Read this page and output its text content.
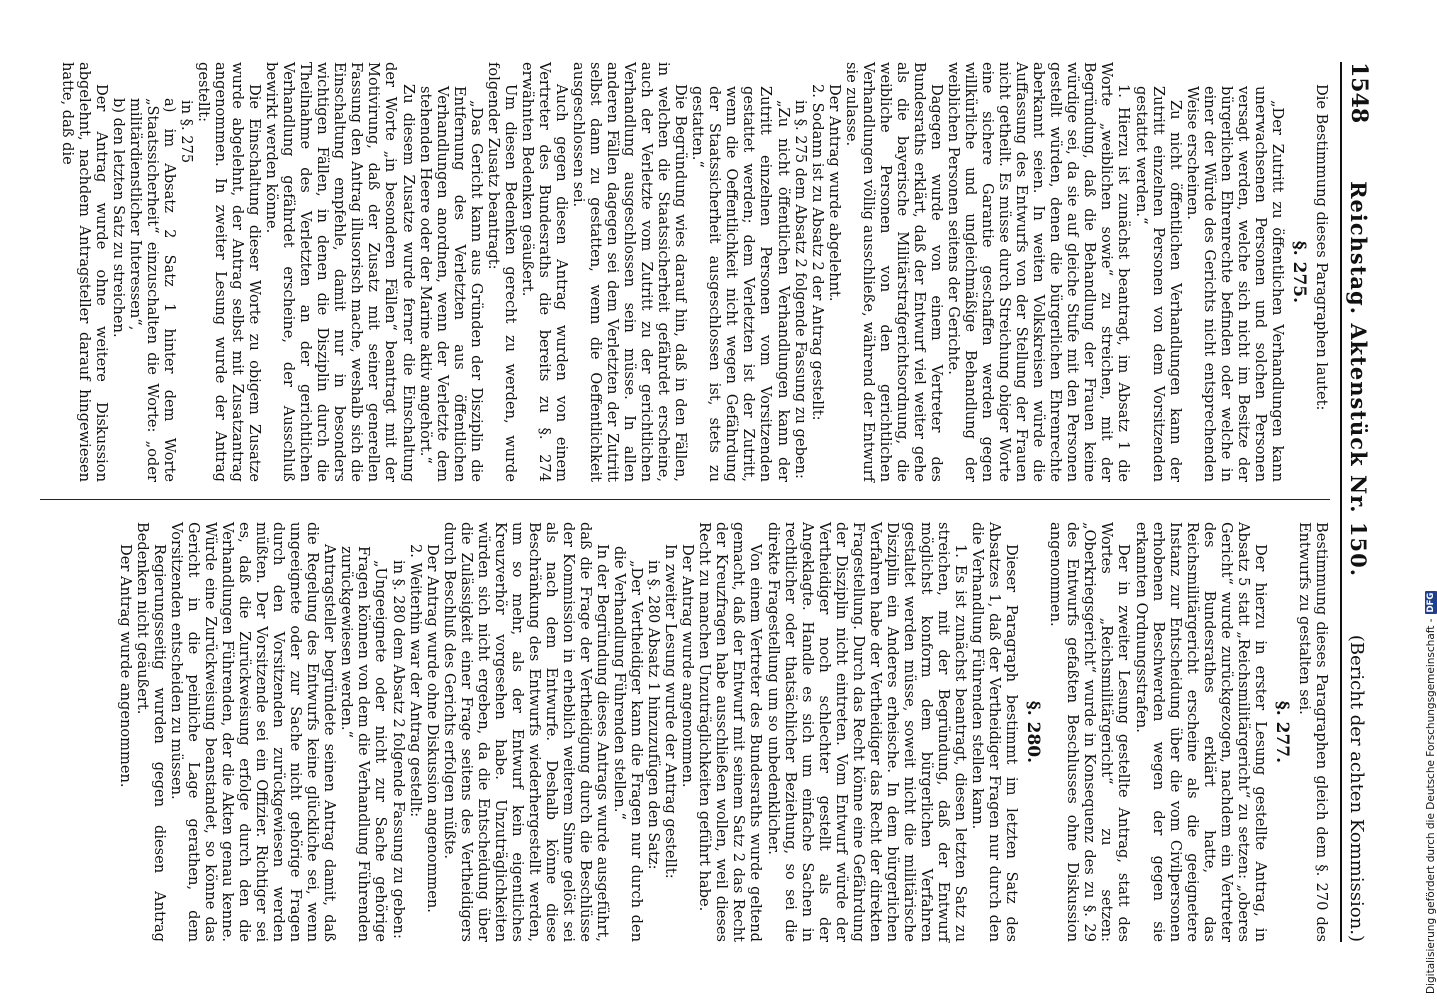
1548
Reichstag. Aktenstück Nr. 150.
(Bericht der achten Kommission.)

Die Bestimmung dieses Paragraphen lautet:

§. 275.

„Der Zutritt zu öffentlichen Verhandlungen kann unerwachsenen Personen und solchen Personen versagt werden, welche sich nicht im Besitze der bürgerlichen Ehrenrechte befinden oder welche in einer der Würde des Gerichts nicht entsprechenden Weise erscheinen.

Zu nicht öffentlichen Verhandlungen kann der Zutritt einzelnen Personen von dem Vorsitzenden gestattet werden.“

1. Hierzu ist zunächst beantragt, im Absatz 1 die Worte „weiblichen sowie“ zu streichen, mit der Begründung, daß die Behandlung der Frauen keine würdige sei, da sie auf gleiche Stufe mit den Personen gestellt würden, denen die bürgerlichen Ehrenrechte aberkannt seien. In weiten Volkskreisen würde die Auffassung des Entwurfs von der Stellung der Frauen nicht getheilt. Es müsse durch Streichung obiger Worte eine sichere Garantie geschaffen werden gegen willkürliche und ungleichmäßige Behandlung der weiblichen Personen seitens der Gerichte.

Dagegen wurde von einem Vertreter des Bundesraths erklärt, daß der Entwurf viel weiter gehe als die bayerische Militärstrafgerichtsordnung, die weibliche Personen von den gerichtlichen Verhandlungen völlig ausschließe, während der Entwurf sie zulasse.

Der Antrag wurde abgelehnt.

2. Sodann ist zu Absatz 2 der Antrag gestellt:

in §. 275 dem Absatz 2 folgende Fassung zu geben:

„Zu nicht öffentlichen Verhandlungen kann der Zutritt einzelnen Personen vom Vorsitzenden gestattet werden; dem Verletzten ist der Zutritt, wenn die Oeffentlichkeit nicht wegen Gefährdung der Staatssicherheit ausgeschlossen ist, stets zu gestatten.“

Die Begründung wies darauf hin, daß in den Fällen, in welchen die Staatssicherheit gefährdet erscheine, auch der Verletzte vom Zutritt zu der gerichtlichen Verhandlung ausgeschlossen sein müsse. In allen anderen Fällen dagegen sei dem Verletzten der Zutritt selbst dann zu gestatten, wenn die Oeffentlichkeit ausgeschlossen sei.

Auch gegen diesen Antrag wurden von einem Vertreter des Bundesraths die bereits zu §. 274 erwähnten Bedenken geäußert.

Um diesen Bedenken gerecht zu werden, wurde folgender Zusatz beantragt:

„Das Gericht kann aus Gründen der Disziplin die Entfernung des Verletzten aus öffentlichen Verhandlungen anordnen, wenn der Verletzte dem stehenden Heere oder der Marine aktiv angehört.“

Zu diesem Zusatze wurde ferner die Einschaltung der Worte „in besonderen Fällen“ beantragt mit der Motivirung, daß der Zusatz mit seiner generellen Fassung den Antrag illusorisch mache, weshalb sich die Einschaltung empfehle, damit nur in besonders wichtigen Fällen, in denen die Disziplin durch die Theilnahme des Verletzten an der gerichtlichen Verhandlung gefährdet erscheine, der Ausschluß bewirkt werden könne.

Die Einschaltung dieser Worte zu obigem Zusatze wurde abgelehnt, der Antrag selbst mit Zusatzantrag angenommen. In zweiter Lesung wurde der Antrag gestellt:

in §. 275

a) im Absatz 2 Satz 1 hinter dem Worte „Staatssicherheit“ einzuschalten die Worte: „oder militärdienstlicher Interessen“,

b) den letzten Satz zu streichen.

Der Antrag wurde ohne weitere Diskussion abgelehnt, nachdem Antragsteller darauf hingewiesen hatte, daß die

Bestimmung dieses Paragraphen gleich dem §. 270 des Entwurfs zu gestalten sei.

§. 277.

Der hierzu in erster Lesung gestellte Antrag, in Absatz 5 statt „Reichsmilitärgericht“ zu setzen: „oberes Gericht“ wurde zurückgezogen, nachdem ein Vertreter des Bundesrathes erklärt hatte, das Reichsmilitärgericht erscheine als die geeignetere Instanz zur Entscheidung über die vom Civilpersonen erhobenen Beschwerden wegen der gegen sie erkannten Ordnungsstrafen.

Der in zweiter Lesung gestellte Antrag, statt des Wortes „Reichsmilitärgericht“ zu setzen: „Oberkriegsgericht“ wurde in Konsequenz des zu §. 29 des Entwurfs gefaßten Beschlusses ohne Diskussion angenommen.

§. 280.

Dieser Paragraph bestimmt im letzten Satz des Absatzes 1, daß der Vertheidiger Fragen nur durch den die Verhandlung Führenden stellen kann.

1. Es ist zunächst beantragt, diesen letzten Satz zu streichen, mit der Begründung, daß der Entwurf möglichst konform dem bürgerlichen Verfahren gestaltet werden müsse, soweit nicht die militärische Disziplin ein Anderes erheische. In dem bürgerlichen Verfahren habe der Vertheidiger das Recht der direkten Fragestellung. Durch das Recht könne eine Gefährdung der Disziplin nicht eintreten. Vom Entwurf würde der Vertheidiger noch schlechter gestellt als der Angeklagte. Handle es sich um einfache Sachen in rechtlicher oder thatsächlicher Beziehung, so sei die direkte Fragestellung um so unbedenklicher.

Von einem Vertreter des Bundesraths wurde geltend gemacht, daß der Entwurf mit seinem Satz 2 das Recht der Kreuzfragen habe ausschließen wollen, weil dieses Recht zu manchen Unzuträglichkeiten geführt habe.

Der Antrag wurde angenommen.

In zweiter Lesung wurde der Antrag gestellt:

in §. 280 Absatz 1 hinzuzufügen den Satz:

„Der Vertheidiger kann die Fragen nur durch den die Verhandlung Führenden stellen.“

In der Begründung dieses Antrags wurde ausgeführt, daß die Frage der Vertheidigung durch die Beschlüsse der Kommission in erheblich weiterem Sinne gelöst sei als nach dem Entwurfe. Deshalb könne diese Beschränkung des Entwurfs wiederhergestellt werden, um so mehr, als der Entwurf kein eigentliches Kreuzverhör vorgesehen habe. Unzuträglichkeiten würden sich nicht ergeben, da die Entscheidung über die Zulässigkeit einer Frage seitens des Vertheidigers durch Beschluß des Gerichts erfolgen müßte.

Der Antrag wurde ohne Diskussion angenommen.

2. Weiterhin war der Antrag gestellt:

in §. 280 dem Absatz 2 folgende Fassung zu geben:

„Ungeeignete oder nicht zur Sache gehörige Fragen können von dem die Verhandlung Führenden zurückgewiesen werden.“

Antragsteller begründete seinen Antrag damit, daß die Regelung des Entwurfs keine glückliche sei, wenn ungeeignete oder zur Sache nicht gehörige Fragen durch den Vorsitzenden zurückgewiesen werden müßten. Der Vorsitzende sei ein Offizier. Richtiger sei es, daß die Zurückweisung erfolge durch den die Verhandlungen Führenden, der die Akten genau kenne. Würde eine Zurückweisung beanstandet, so könne das Gericht in die peinliche Lage gerathen, dem Vorsitzenden entscheiden zu müssen.

Regierungsseitig wurden gegen diesen Antrag Bedenken nicht geäußert.

Der Antrag wurde angenommen.	Digitalisierung gefördert durch die Deutsche Forschungsgemeinschaft -
DFG
